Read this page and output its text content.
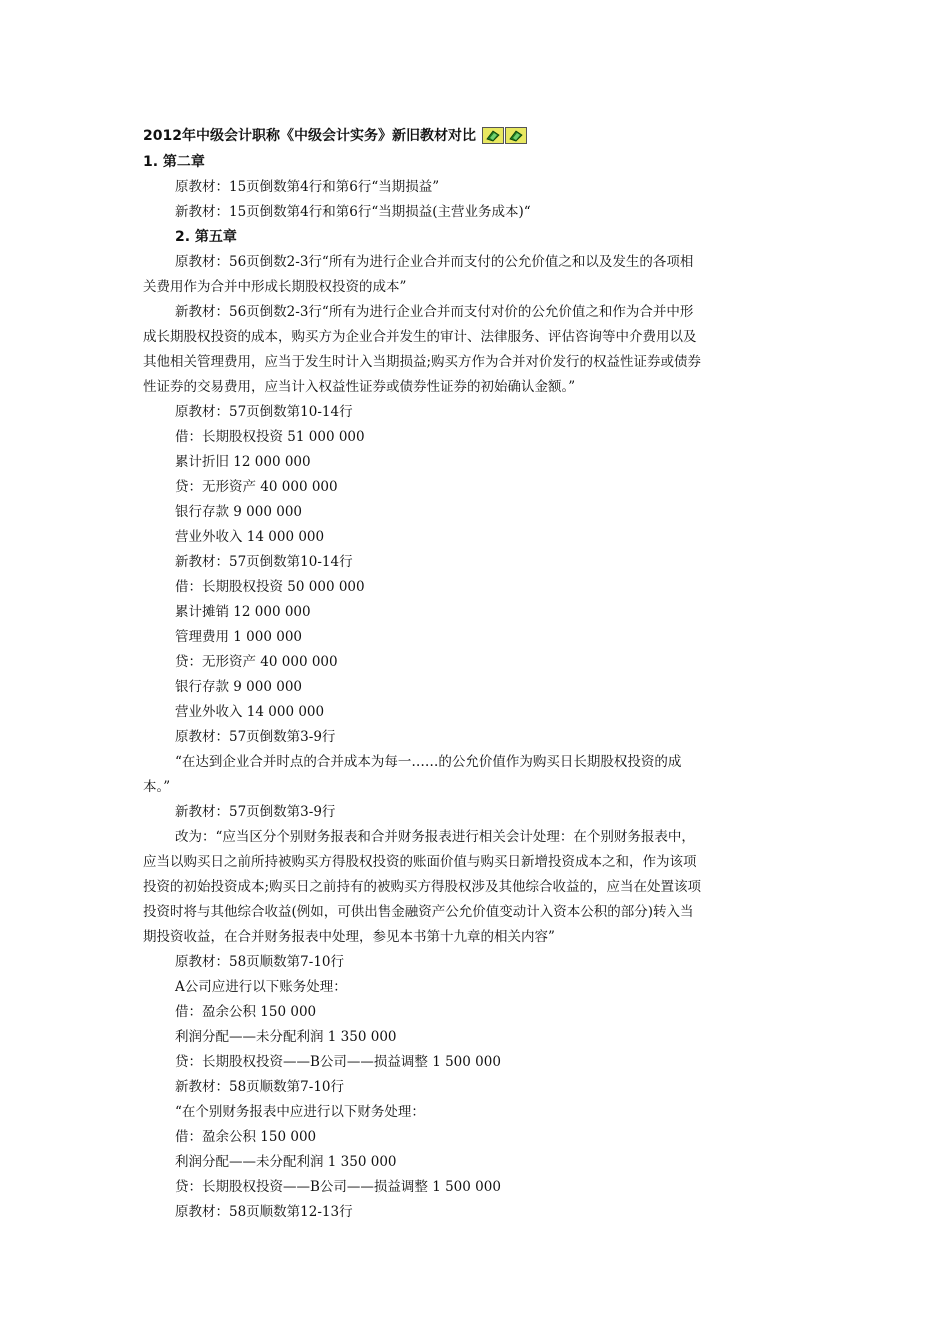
2012年中级会计职称《中级会计实务》新旧教材对比
1. 第二章
原教材：15页倒数第4行和第6行“当期损益”
新教材：15页倒数第4行和第6行“当期损益(主营业务成本)“
2. 第五章
原教材：56页倒数2-3行“所有为进行企业合并而支付的公允价值之和以及发生的各项相
关费用作为合并中形成长期股权投资的成本”
新教材：56页倒数2-3行“所有为进行企业合并而支付对价的公允价值之和作为合并中形
成长期股权投资的成本，购买方为企业合并发生的审计、法律服务、评估咨询等中介费用以及
其他相关管理费用，应当于发生时计入当期损益;购买方作为合并对价发行的权益性证券或债券
性证券的交易费用，应当计入权益性证券或债券性证券的初始确认金额。”
原教材：57页倒数第10-14行
借：长期股权投资 51 000 000
累计折旧 12 000 000
贷：无形资产 40 000 000
银行存款 9 000 000
营业外收入 14 000 000
新教材：57页倒数第10-14行
借：长期股权投资 50 000 000
累计摊销 12 000 000
管理费用 1 000 000
贷：无形资产 40 000 000
银行存款 9 000 000
营业外收入 14 000 000
原教材：57页倒数第3-9行
“在达到企业合并时点的合并成本为每一……的公允价值作为购买日长期股权投资的成
本。”
新教材：57页倒数第3-9行
改为：“应当区分个别财务报表和合并财务报表进行相关会计处理：在个别财务报表中，
应当以购买日之前所持被购买方得股权投资的账面价值与购买日新增投资成本之和，作为该项
投资的初始投资成本;购买日之前持有的被购买方得股权涉及其他综合收益的，应当在处置该项
投资时将与其他综合收益(例如，可供出售金融资产公允价值变动计入资本公积的部分)转入当
期投资收益，在合并财务报表中处理，参见本书第十九章的相关内容”
原教材：58页顺数第7-10行
A公司应进行以下账务处理：
借：盈余公积 150 000
利润分配——未分配利润 1 350 000
贷：长期股权投资——B公司——损益调整 1 500 000
新教材：58页顺数第7-10行
“在个别财务报表中应进行以下财务处理：
借：盈余公积 150 000
利润分配——未分配利润 1 350 000
贷：长期股权投资——B公司——损益调整 1 500 000
原教材：58页顺数第12-13行
